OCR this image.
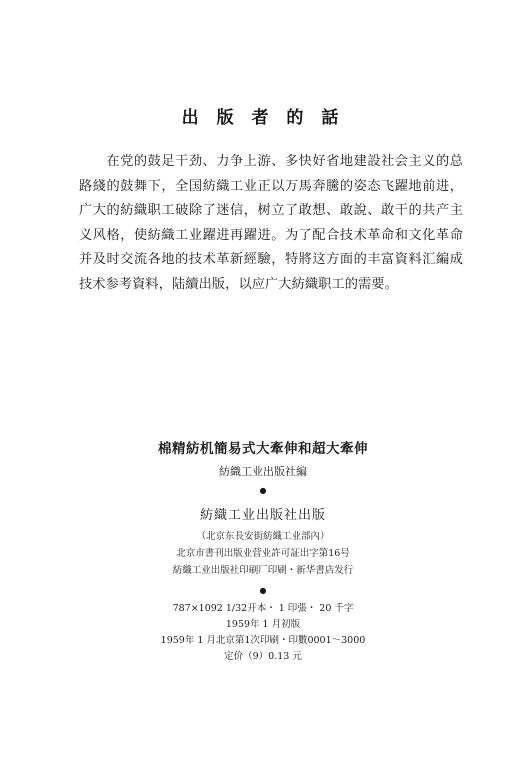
出 版 者 的 話
在党的鼓足干劲、力争上游、多快好省地建設社会主义的总路綫的鼓舞下，全国紡織工业正以万馬奔騰的姿态飞躍地前进，广大的紡織职工破除了迷信，树立了敢想、敢說、敢干的共产主义风格，使紡織工业躍进再躍进。为了配合技术革命和文化革命并及时交流各地的技术革新經驗，特將这方面的丰富資料汇編成技术参考資料，陆續出版，以应广大紡織职工的需要。

棉精紡机簡易式大牽伸和超大牽伸

紡織工业出版社編

●

紡織工业出版社出版

（北京东長安街紡織工业部內）

北京市書刊出版业营业許可証出字第16号

紡織工业出版社印刷厂印刷・新华書店发行

●

787×1092 1/32开本・ 1 印張・ 20 千字

1959年 1 月初版

1959年 1 月北京第1次印刷・印數0001～3000

定价（9）0.13 元
